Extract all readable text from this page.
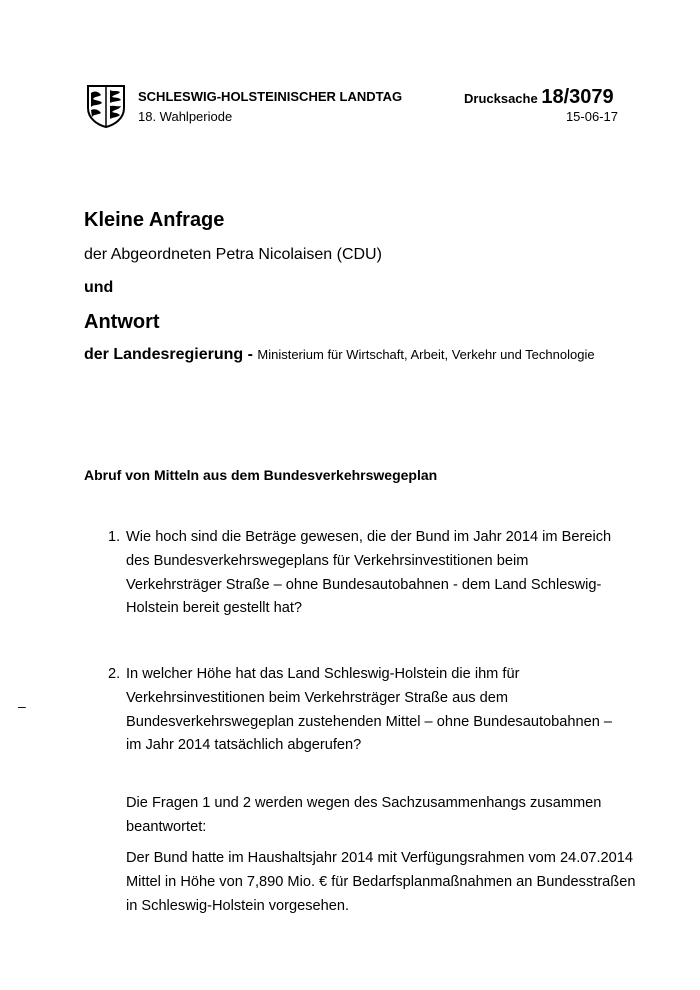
SCHLESWIG-HOLSTEINISCHER LANDTAG
18. Wahlperiode
Drucksache 18/3079
15-06-17
Kleine Anfrage
der Abgeordneten Petra Nicolaisen (CDU)
und
Antwort
der Landesregierung - Ministerium für Wirtschaft, Arbeit, Verkehr und Technologie
Abruf von Mitteln aus dem Bundesverkehrswegeplan
1. Wie hoch sind die Beträge gewesen, die der Bund im Jahr 2014 im Bereich des Bundesverkehrswegeplans für Verkehrsinvestitionen beim Verkehrsträger Straße – ohne Bundesautobahnen - dem Land Schleswig-Holstein bereit gestellt hat?
–
2. In welcher Höhe hat das Land Schleswig-Holstein die ihm für Verkehrsinvestitionen beim Verkehrsträger Straße aus dem Bundesverkehrswegeplan zustehenden Mittel – ohne Bundesautobahnen – im Jahr 2014 tatsächlich abgerufen?
Die Fragen 1 und 2 werden wegen des Sachzusammenhangs zusammen beantwortet:
Der Bund hatte im Haushaltsjahr 2014 mit Verfügungsrahmen vom 24.07.2014 Mittel in Höhe von 7,890 Mio. € für Bedarfsplanmaßnahmen an Bundesstraßen in Schleswig-Holstein vorgesehen.
